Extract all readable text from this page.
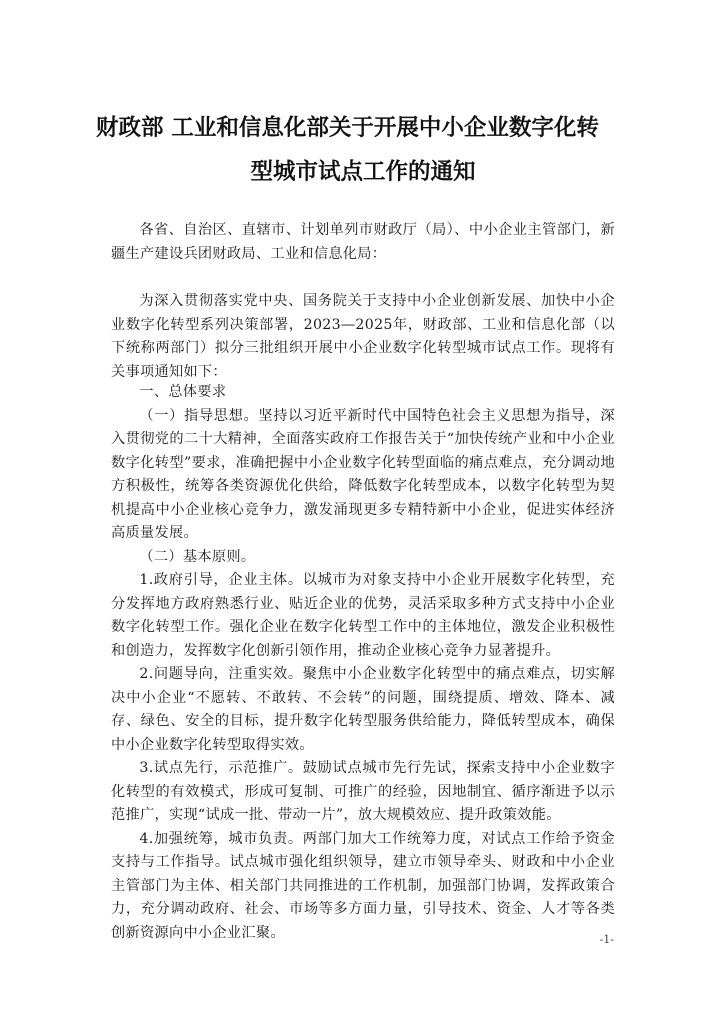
财政部 工业和信息化部关于开展中小企业数字化转
型城市试点工作的通知

各省、自治区、直辖市、计划单列市财政厅（局）、中小企业主管部门，新疆生产建设兵团财政局、工业和信息化局：

为深入贯彻落实党中央、国务院关于支持中小企业创新发展、加快中小企业数字化转型系列决策部署，2023—2025年，财政部、工业和信息化部（以下统称两部门）拟分三批组织开展中小企业数字化转型城市试点工作。现将有关事项通知如下：

一、总体要求

（一）指导思想。坚持以习近平新时代中国特色社会主义思想为指导，深入贯彻党的二十大精神，全面落实政府工作报告关于“加快传统产业和中小企业数字化转型”要求，准确把握中小企业数字化转型面临的痛点难点，充分调动地方积极性，统筹各类资源优化供给，降低数字化转型成本，以数字化转型为契机提高中小企业核心竞争力，激发涌现更多专精特新中小企业，促进实体经济高质量发展。

（二）基本原则。

1.政府引导，企业主体。以城市为对象支持中小企业开展数字化转型，充分发挥地方政府熟悉行业、贴近企业的优势，灵活采取多种方式支持中小企业数字化转型工作。强化企业在数字化转型工作中的主体地位，激发企业积极性和创造力，发挥数字化创新引领作用，推动企业核心竞争力显著提升。

2.问题导向，注重实效。聚焦中小企业数字化转型中的痛点难点，切实解决中小企业“不愿转、不敢转、不会转”的问题，围绕提质、增效、降本、减存、绿色、安全的目标，提升数字化转型服务供给能力，降低转型成本，确保中小企业数字化转型取得实效。

3.试点先行，示范推广。鼓励试点城市先行先试，探索支持中小企业数字化转型的有效模式，形成可复制、可推广的经验，因地制宜、循序渐进予以示范推广，实现“试成一批、带动一片”，放大规模效应、提升政策效能。

4.加强统筹，城市负责。两部门加大工作统筹力度，对试点工作给予资金支持与工作指导。试点城市强化组织领导，建立市领导牵头、财政和中小企业主管部门为主体、相关部门共同推进的工作机制，加强部门协调，发挥政策合力，充分调动政府、社会、市场等多方面力量，引导技术、资金、人才等各类创新资源向中小企业汇聚。	-1-
